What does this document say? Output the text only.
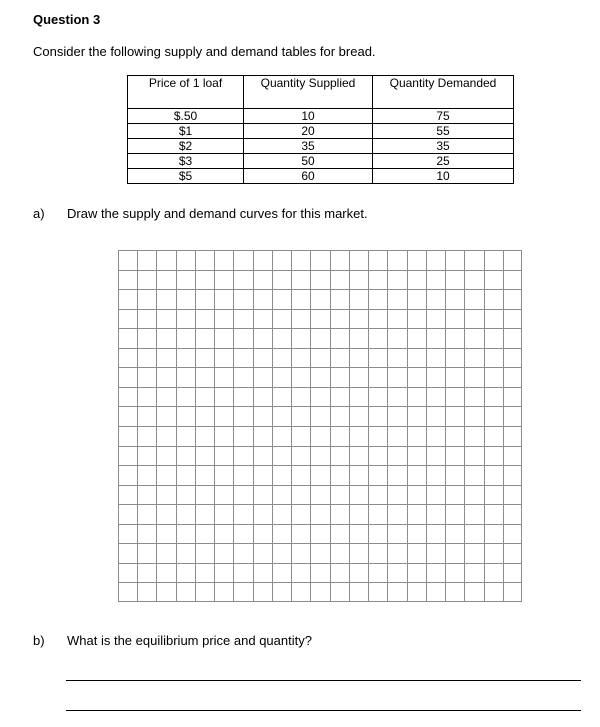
Question 3
Consider the following supply and demand tables for bread.
Price of 1 loaf	Quantity Supplied	Quantity Demanded
$.50	10	75
$1	20	55
$2	35	35
$3	50	25
$5	60	10
a) Draw the supply and demand curves for this market.
b) What is the equilibrium price and quantity?
